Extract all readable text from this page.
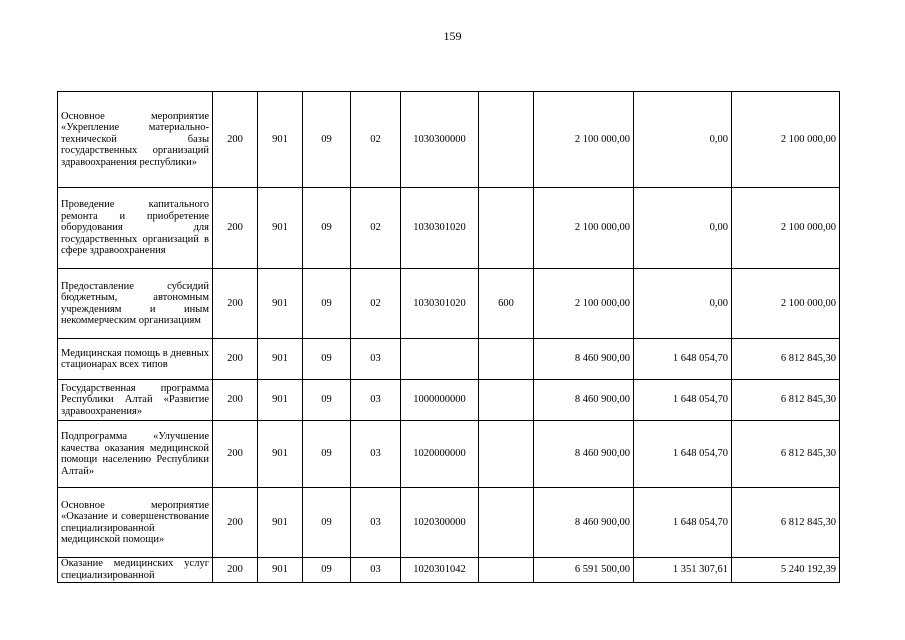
159
Основное мероприятие «Укрепление материально-технической базы государственных организаций здравоохранения республики»	200	901	09	02	1030300000		2 100 000,00	0,00	2 100 000,00
Проведение капитального ремонта и приобретение оборудования для государственных организаций в сфере здравоохранения	200	901	09	02	1030301020		2 100 000,00	0,00	2 100 000,00
Предоставление субсидий бюджетным, автономным учреждениям и иным некоммерческим организациям	200	901	09	02	1030301020	600	2 100 000,00	0,00	2 100 000,00
Медицинская помощь в дневных стационарах всех типов	200	901	09	03			8 460 900,00	1 648 054,70	6 812 845,30
Государственная программа Республики Алтай «Развитие здравоохранения»	200	901	09	03	1000000000		8 460 900,00	1 648 054,70	6 812 845,30
Подпрограмма «Улучшение качества оказания медицинской помощи населению Республики Алтай»	200	901	09	03	1020000000		8 460 900,00	1 648 054,70	6 812 845,30
Основное мероприятие «Оказание и совершенствование специализированной медицинской помощи»	200	901	09	03	1020300000		8 460 900,00	1 648 054,70	6 812 845,30
Оказание медицинских услуг специализированной	200	901	09	03	1020301042		6 591 500,00	1 351 307,61	5 240 192,39
